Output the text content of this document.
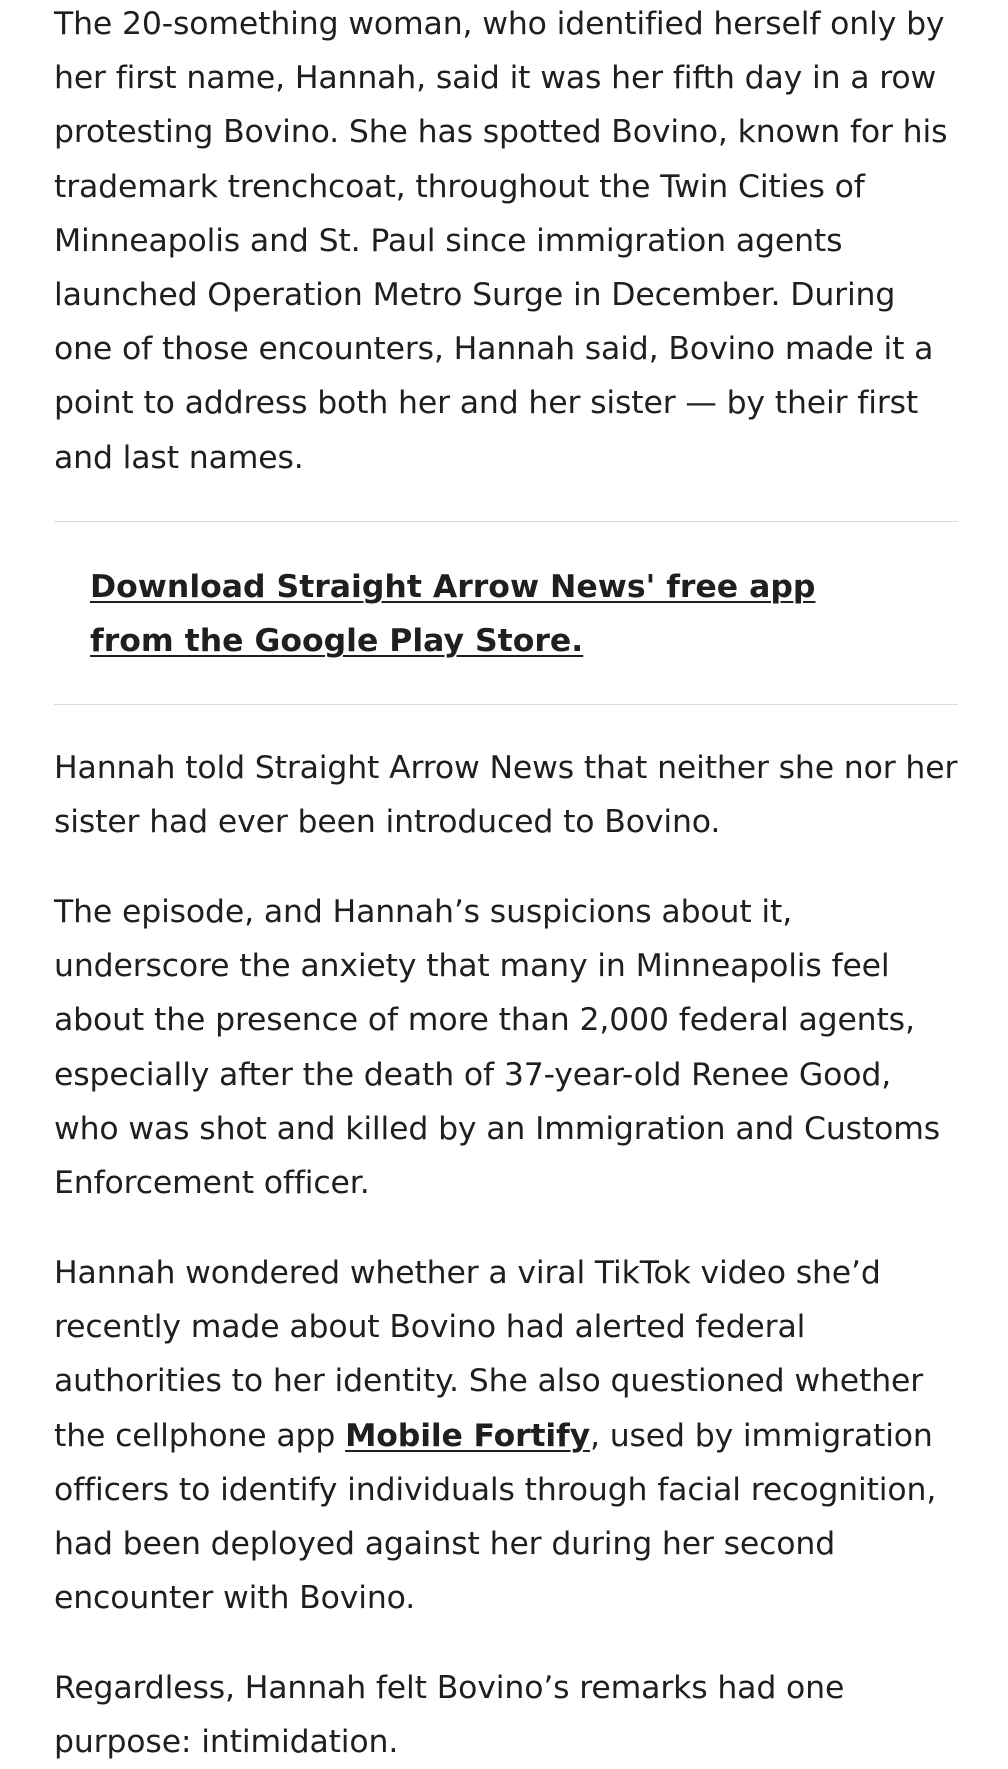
The 20-something woman, who identified herself only by her first name, Hannah, said it was her fifth day in a row protesting Bovino. She has spotted Bovino, known for his trademark trenchcoat, throughout the Twin Cities of Minneapolis and St. Paul since immigration agents launched Operation Metro Surge in December. During one of those encounters, Hannah said, Bovino made it a point to address both her and her sister — by their first and last names.

Download Straight Arrow News' free app from the Google Play Store.

Hannah told Straight Arrow News that neither she nor her sister had ever been introduced to Bovino.

The episode, and Hannah’s suspicions about it, underscore the anxiety that many in Minneapolis feel about the presence of more than 2,000 federal agents, especially after the death of 37-year-old Renee Good, who was shot and killed by an Immigration and Customs Enforcement officer.

Hannah wondered whether a viral TikTok video she’d recently made about Bovino had alerted federal authorities to her identity. She also questioned whether the cellphone app Mobile Fortify, used by immigration officers to identify individuals through facial recognition, had been deployed against her during her second encounter with Bovino.

Regardless, Hannah felt Bovino’s remarks had one purpose: intimidation.
